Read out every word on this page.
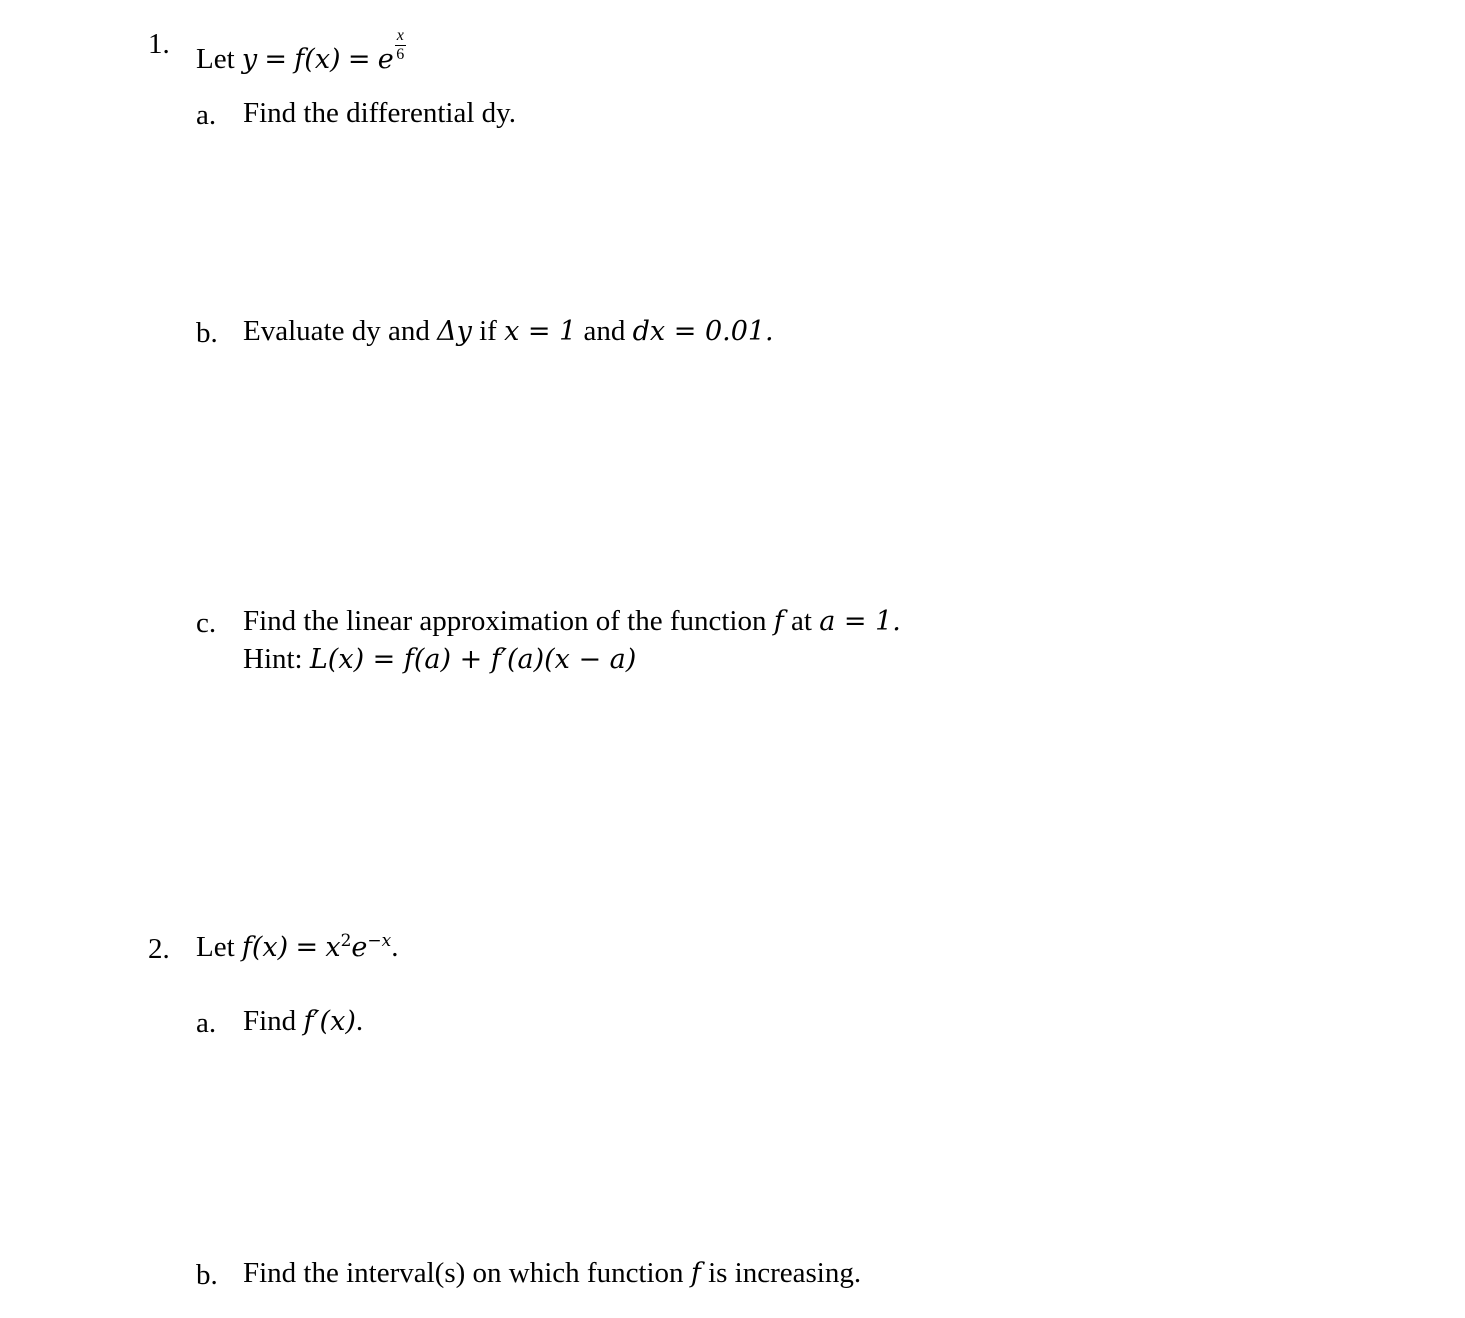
1. Let y = f(x) = e $\frac{x}{6}$
a. Find the differential dy.
b. Evaluate dy and Δy if x = 1 and dx = 0.01.
c. Find the linear approximation of the function f at a = 1.
Hint: L(x) = f(a) + f′(a)(x − a)
2. Let $f(x) = x^2e^{-x}$.
a. Find f′(x).
b. Find the interval(s) on which function f is increasing.
